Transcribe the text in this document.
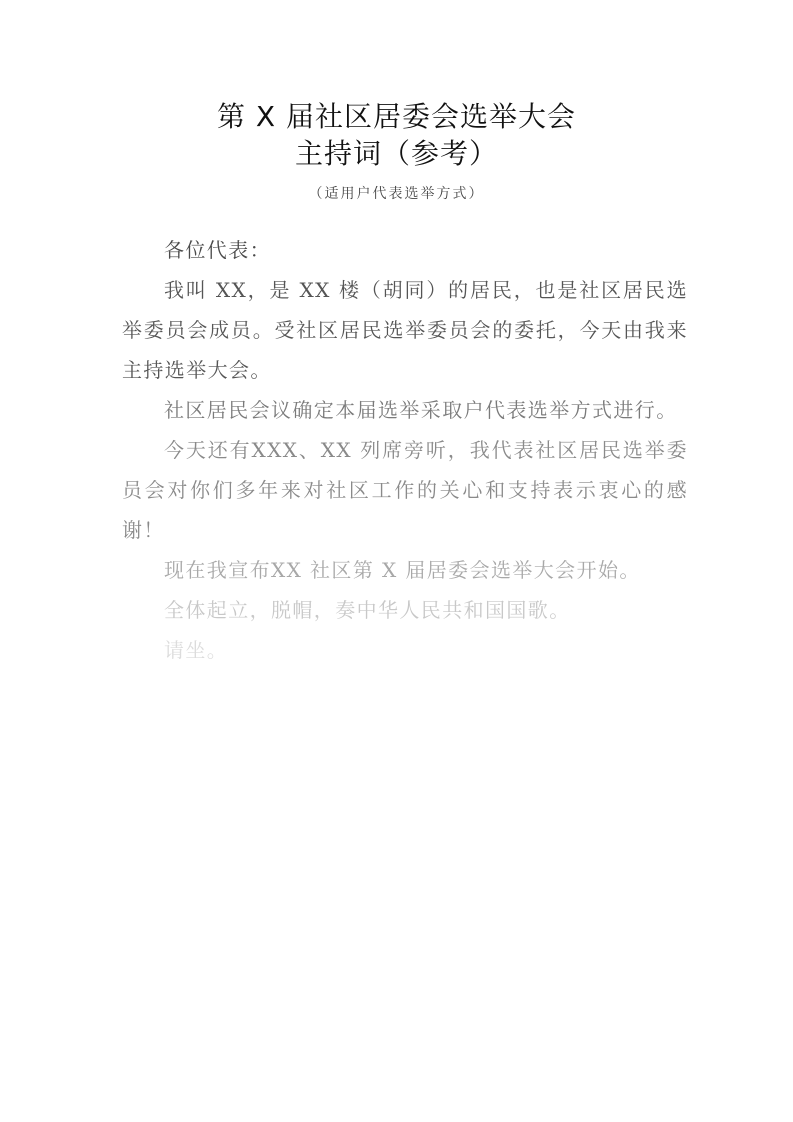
第 X 届社区居委会选举大会
主持词（参考）
（适用户代表选举方式）

各位代表：

我叫 XX，是 XX 楼（胡同）的居民，也是社区居民选举委员会成员。受社区居民选举委员会的委托，今天由我来主持选举大会。

社区居民会议确定本届选举采取户代表选举方式进行。

今天还有XXX、XX 列席旁听，我代表社区居民选举委员会对你们多年来对社区工作的关心和支持表示衷心的感谢！

现在我宣布XX 社区第 X 届居委会选举大会开始。

全体起立，脱帽，奏中华人民共和国国歌。

请坐。
